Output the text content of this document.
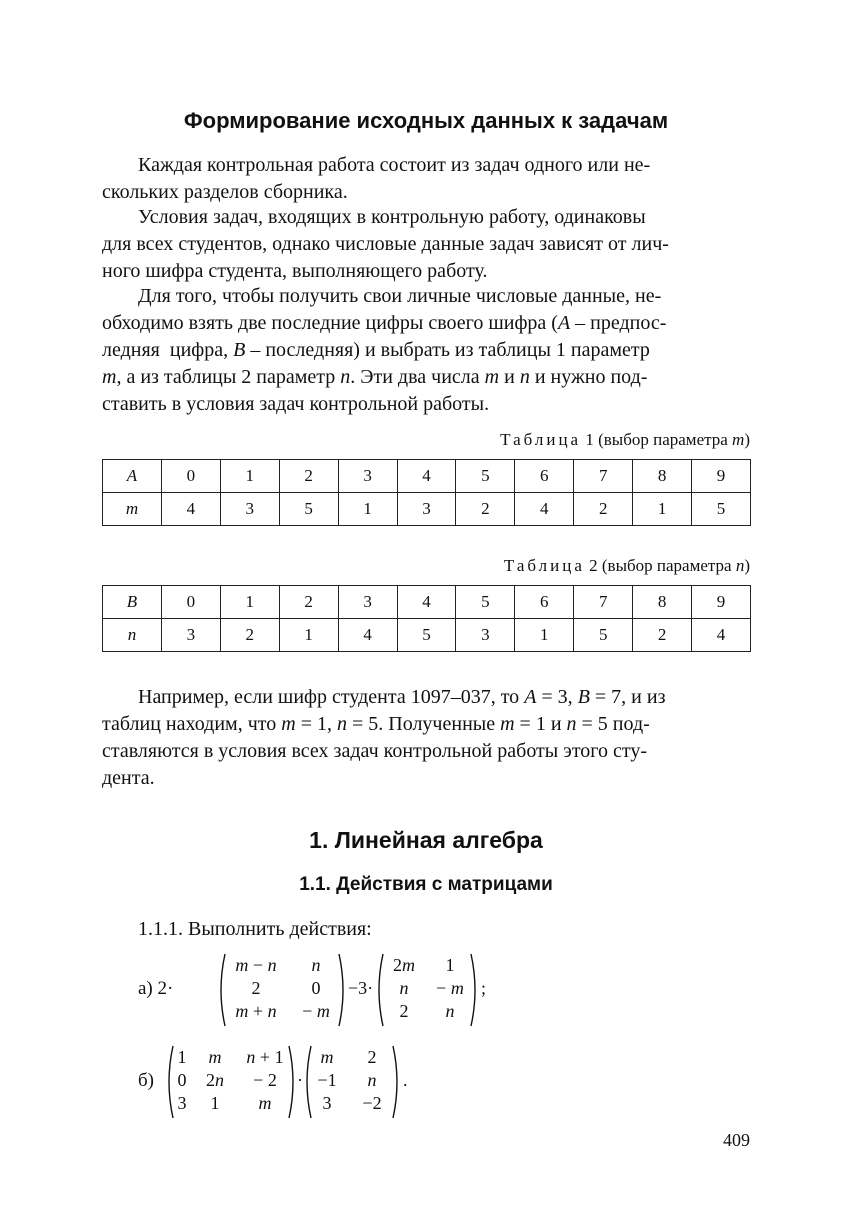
Формирование исходных данных к задачам
Каждая контрольная работа состоит из задач одного или не-
скольких разделов сборника.
Условия задач, входящих в контрольную работу, одинаковы
для всех студентов, однако числовые данные задач зависят от лич-
ного шифра студента, выполняющего работу.
Для того, чтобы получить свои личные числовые данные, не-
обходимо взять две последние цифры своего шифра (A – предпос-
ледняя  цифра, B – последняя) и выбрать из таблицы 1 параметр
m, а из таблицы 2 параметр n. Эти два числа m и n и нужно под-
ставить в условия задач контрольной работы.
Таблица 1 (выбор параметра m)
A	0	1	2	3	4	5	6	7	8	9
m	4	3	5	1	3	2	4	2	1	5
Таблица 2 (выбор параметра n)
B	0	1	2	3	4	5	6	7	8	9
n	3	2	1	4	5	3	1	5	2	4
Например, если шифр студента 1097–037, то A = 3, B = 7, и из
таблиц находим, что m = 1, n = 5. Полученные m = 1 и n = 5 под-
ставляются в условия всех задач контрольной работы этого сту-
дента.
1. Линейная алгебра
1.1. Действия с матрицами
1.1.1. Выполнить действия:
а) 2·
m − n	n
2	0
m + n	− m
−3·
2m	1
n	− m
2	n
;
б)
1	m	n + 1
0	2n	− 2
3	1	m
·
m	2
−1	n
3	−2
.
409
